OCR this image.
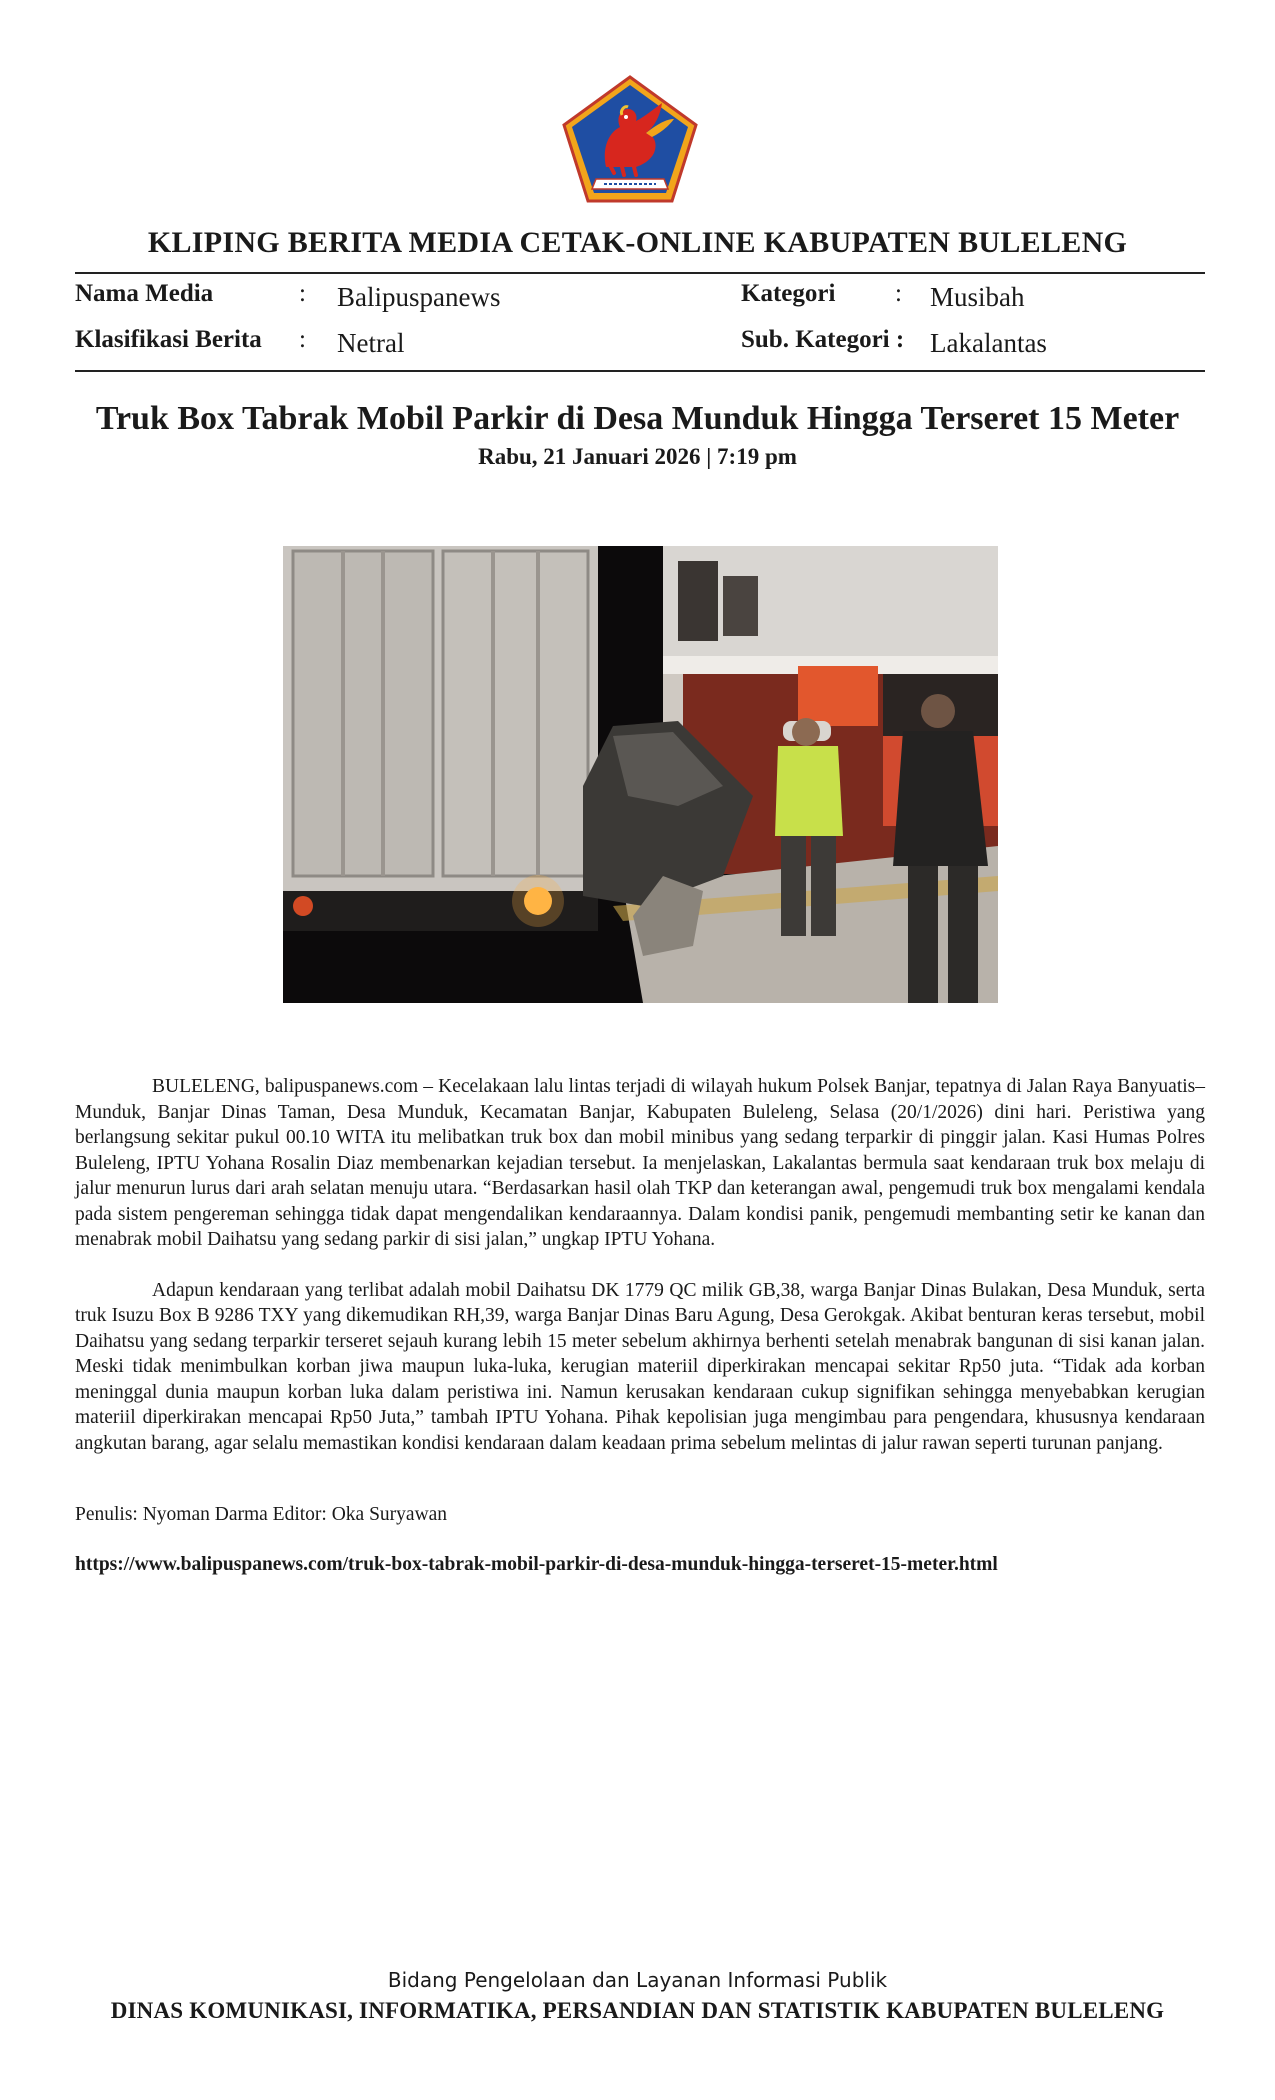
KLIPING BERITA MEDIA CETAK-ONLINE KABUPATEN BULELENG
Nama Media	: Balipuspanews	Kategori : Musibah
Klasifikasi Berita : Netral	Sub. Kategori : Lakalantas
Truk Box Tabrak Mobil Parkir di Desa Munduk Hingga Terseret 15 Meter
Rabu, 21 Januari 2026 | 7:19 pm

BULELENG, balipuspanews.com – Kecelakaan lalu lintas terjadi di wilayah hukum Polsek Banjar, tepatnya di Jalan Raya Banyuatis–Munduk, Banjar Dinas Taman, Desa Munduk, Kecamatan Banjar, Kabupaten Buleleng, Selasa (20/1/2026) dini hari. Peristiwa yang berlangsung sekitar pukul 00.10 WITA itu melibatkan truk box dan mobil minibus yang sedang terparkir di pinggir jalan. Kasi Humas Polres Buleleng, IPTU Yohana Rosalin Diaz membenarkan kejadian tersebut. Ia menjelaskan, Lakalantas bermula saat kendaraan truk box melaju di jalur menurun lurus dari arah selatan menuju utara. “Berdasarkan hasil olah TKP dan keterangan awal, pengemudi truk box mengalami kendala pada sistem pengereman sehingga tidak dapat mengendalikan kendaraannya. Dalam kondisi panik, pengemudi membanting setir ke kanan dan menabrak mobil Daihatsu yang sedang parkir di sisi jalan,” ungkap IPTU Yohana.

Adapun kendaraan yang terlibat adalah mobil Daihatsu DK 1779 QC milik GB,38, warga Banjar Dinas Bulakan, Desa Munduk, serta truk Isuzu Box B 9286 TXY yang dikemudikan RH,39, warga Banjar Dinas Baru Agung, Desa Gerokgak. Akibat benturan keras tersebut, mobil Daihatsu yang sedang terparkir terseret sejauh kurang lebih 15 meter sebelum akhirnya berhenti setelah menabrak bangunan di sisi kanan jalan. Meski tidak menimbulkan korban jiwa maupun luka-luka, kerugian materiil diperkirakan mencapai sekitar Rp50 juta. “Tidak ada korban meninggal dunia maupun korban luka dalam peristiwa ini. Namun kerusakan kendaraan cukup signifikan sehingga menyebabkan kerugian materiil diperkirakan mencapai Rp50 Juta,” tambah IPTU Yohana. Pihak kepolisian juga mengimbau para pengendara, khususnya kendaraan angkutan barang, agar selalu memastikan kondisi kendaraan dalam keadaan prima sebelum melintas di jalur rawan seperti turunan panjang.

Penulis: Nyoman Darma Editor: Oka Suryawan
https://www.balipuspanews.com/truk-box-tabrak-mobil-parkir-di-desa-munduk-hingga-terseret-15-meter.html
Bidang Pengelolaan dan Layanan Informasi Publik
DINAS KOMUNIKASI, INFORMATIKA, PERSANDIAN DAN STATISTIK KABUPATEN BULELENG
